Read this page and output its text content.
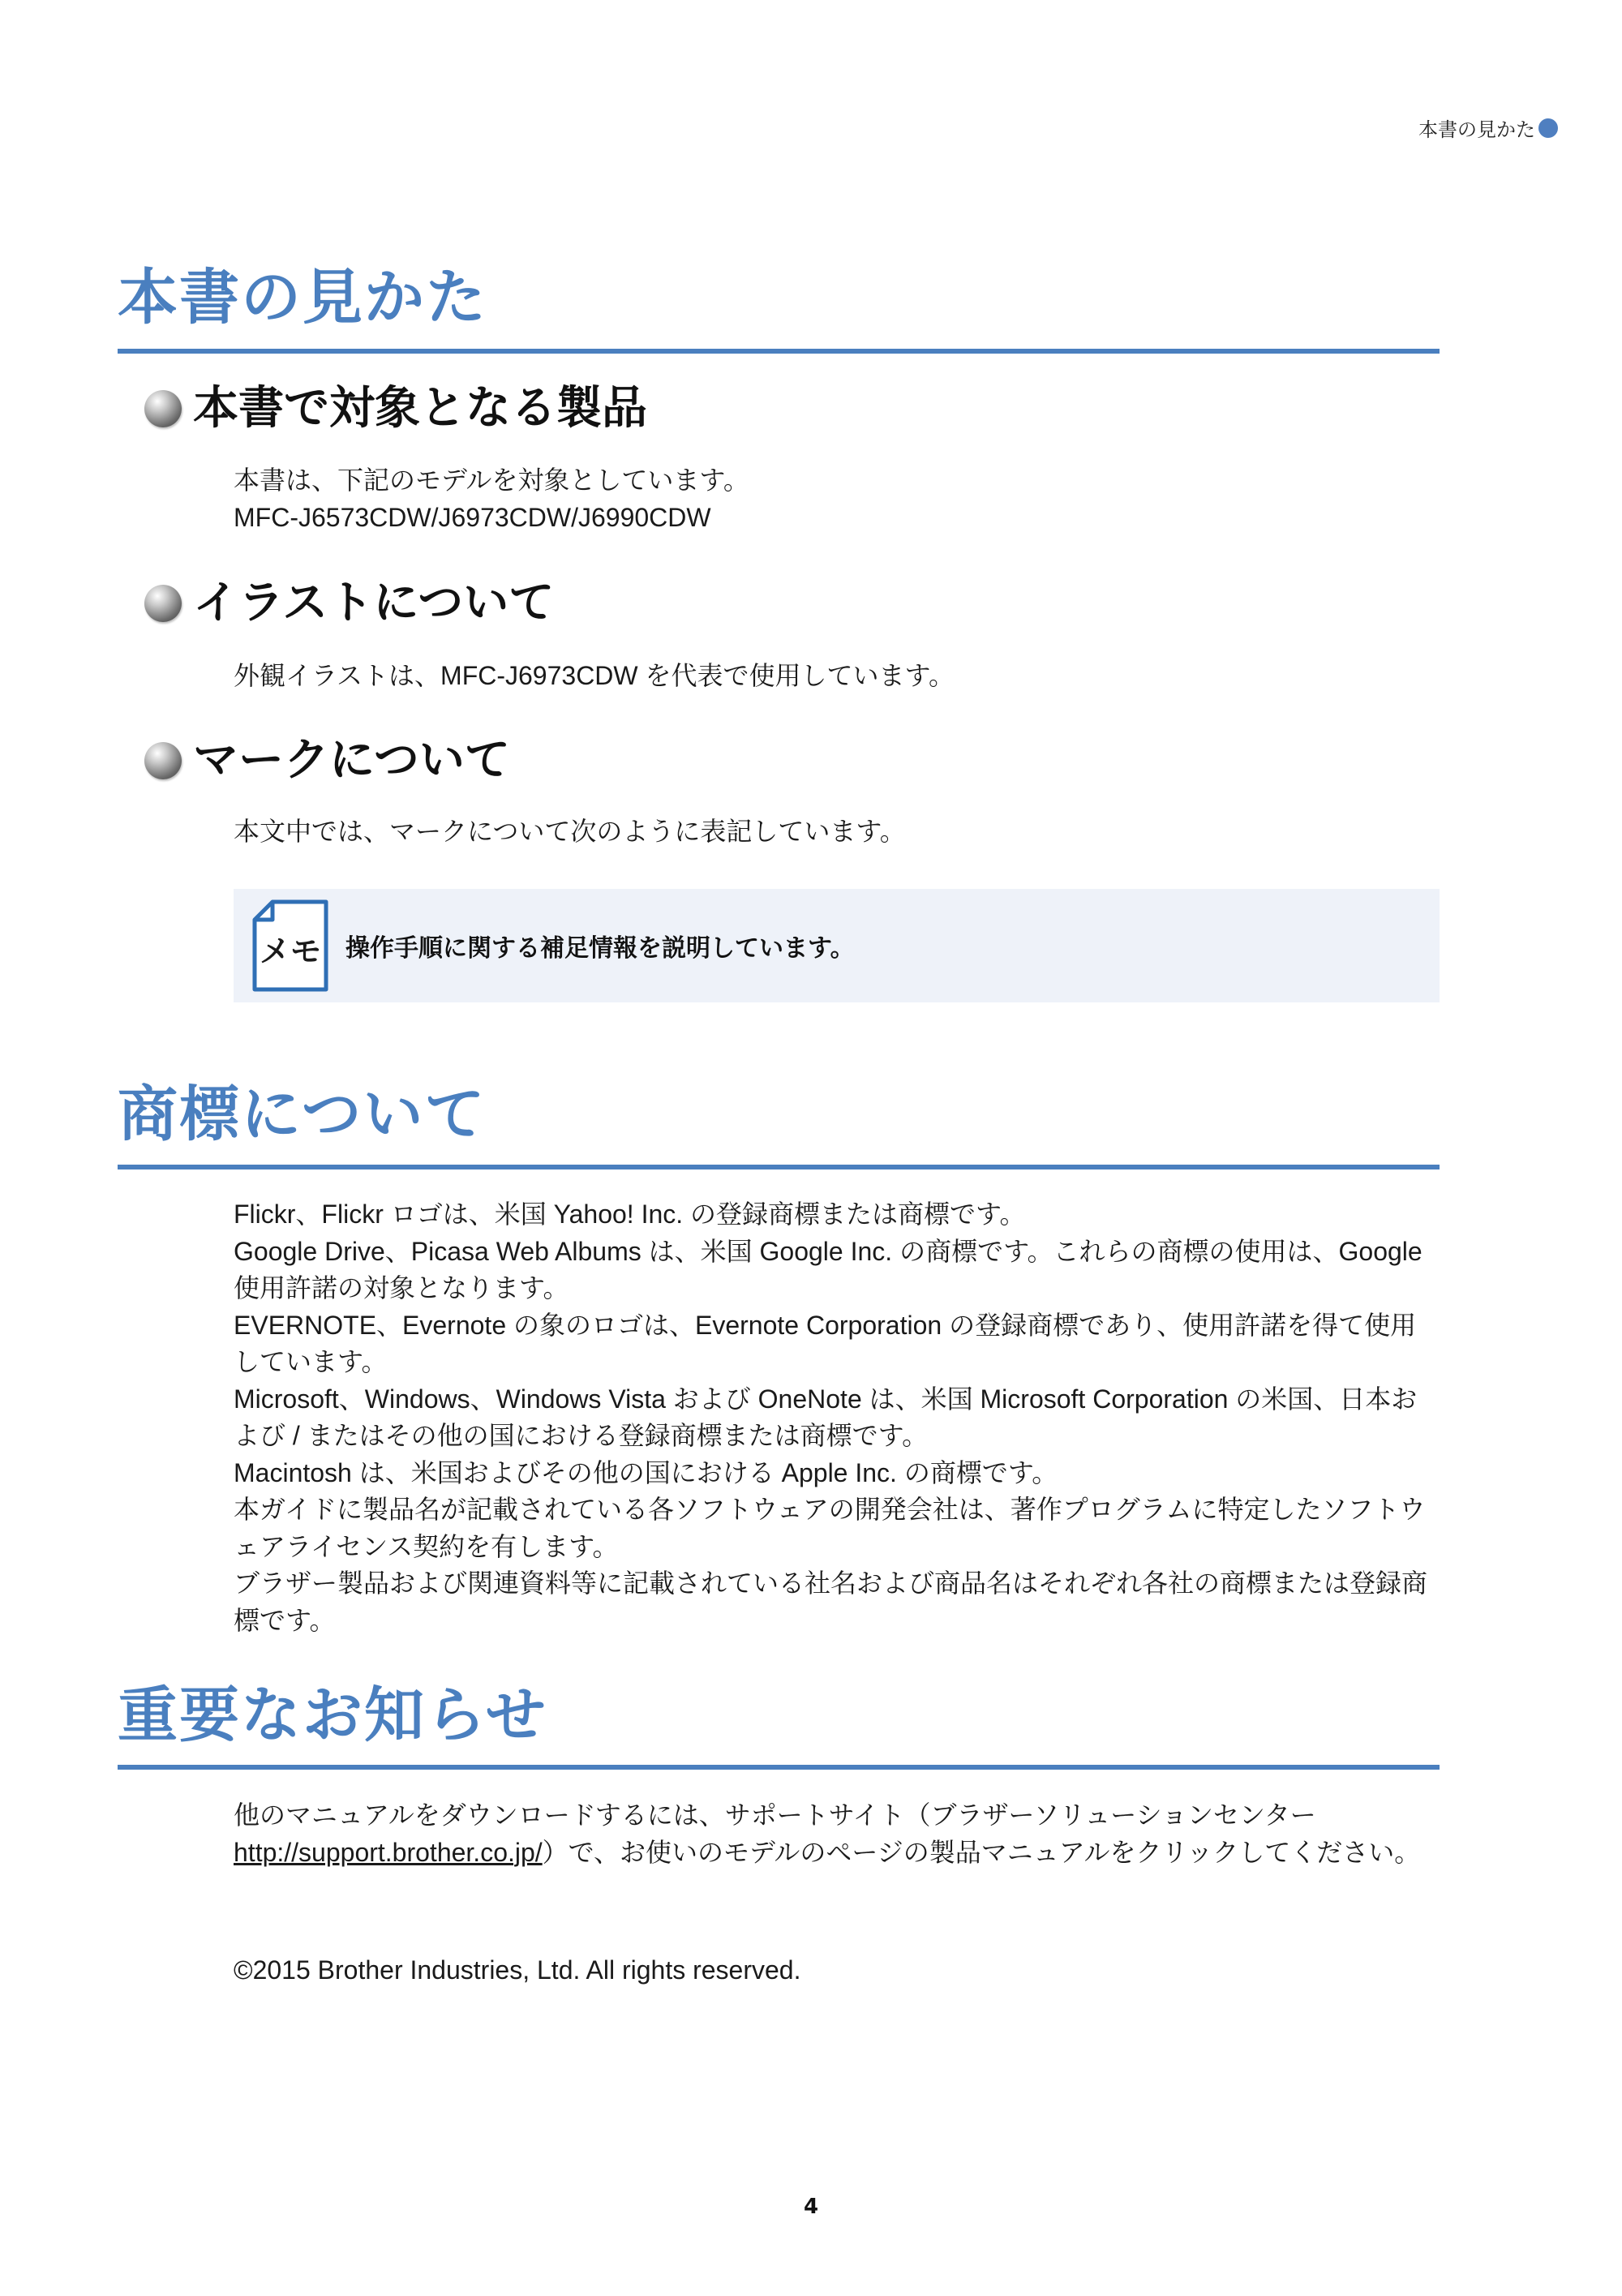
本書の見かた
本書の見かた
本書で対象となる製品

本書は、下記のモデルを対象としています。

MFC-J6573CDW/J6973CDW/J6990CDW

イラストについて

外観イラストは、MFC-J6973CDW を代表で使用しています。

マークについて

本文中では、マークについて次のように表記しています。

メモ 操作手順に関する補足情報を説明しています。
商標について

Flickr、Flickr ロゴは、米国 Yahoo! Inc. の登録商標または商標です。

Google Drive、Picasa Web Albums は、米国 Google Inc. の商標です。これらの商標の使用は、Google 使用許諾の対象となります。

EVERNOTE、Evernote の象のロゴは、Evernote Corporation の登録商標であり、使用許諾を得て使用しています。

Microsoft、Windows、Windows Vista および OneNote は、米国 Microsoft Corporation の米国、日本および / またはその他の国における登録商標または商標です。

Macintosh は、米国およびその他の国における Apple Inc. の商標です。

本ガイドに製品名が記載されている各ソフトウェアの開発会社は、著作プログラムに特定したソフトウェアライセンス契約を有します。

ブラザー製品および関連資料等に記載されている社名および商品名はそれぞれ各社の商標または登録商標です。

重要なお知らせ

他のマニュアルをダウンロードするには、サポートサイト（ブラザーソリューションセンターhttp://support.brother.co.jp/）で、お使いのモデルのページの製品マニュアルをクリックしてください。

©2015 Brother Industries, Ltd. All rights reserved.

4
